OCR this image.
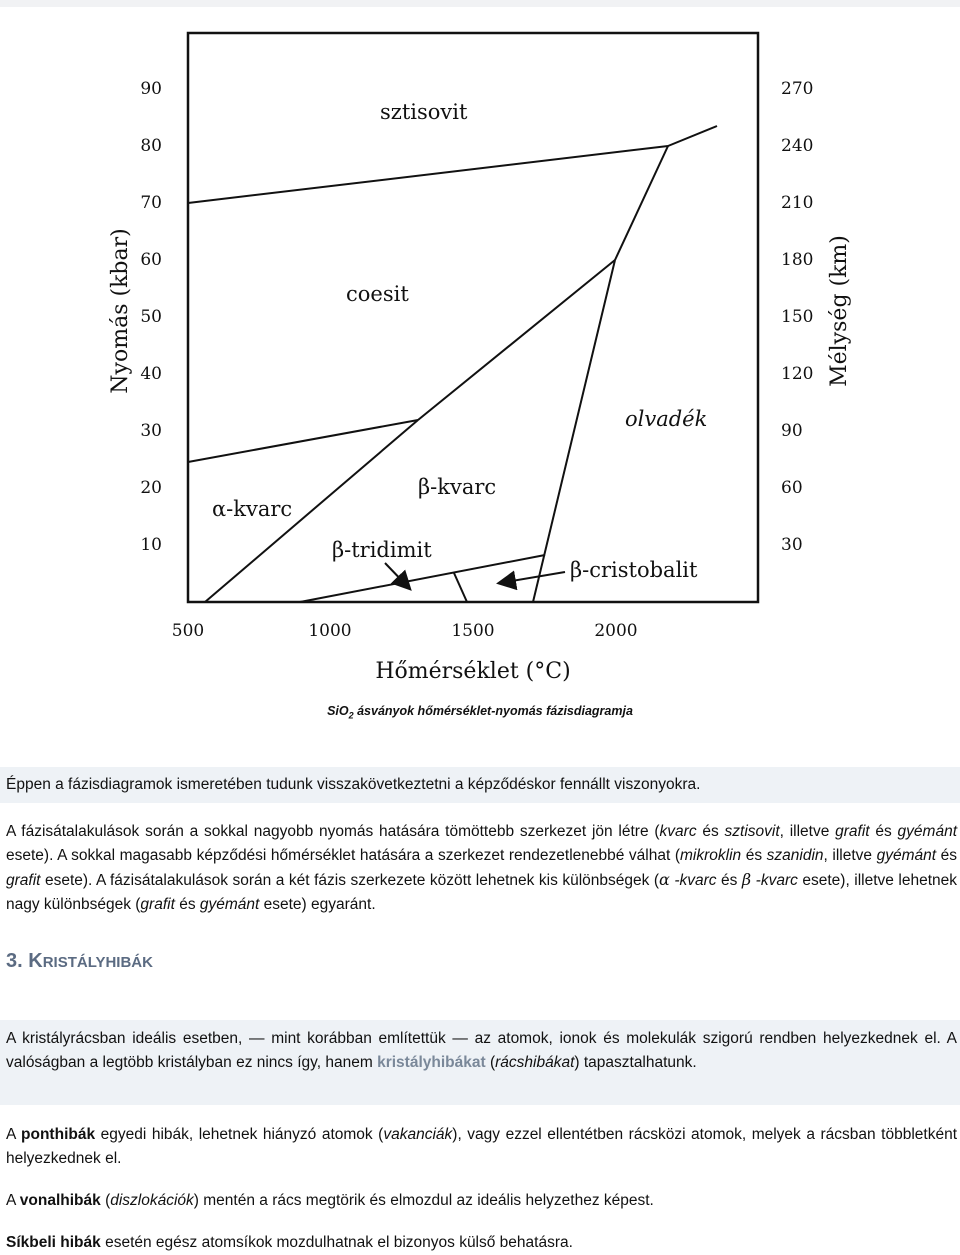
sztisovit
coesit
olvadék
α-kvarc
β-kvarc
β-tridimit
β-cristobalit
10
20
30
40
50
60
70
80
90
30
60
90
120
150
180
210
240
270
500	1000	1500	2000
Hőmérséklet (°C)
Nyomás (kbar)	Mélység (km)
SiO$_2$ ásványok hőmérséklet-nyomás fázisdiagramja
Éppen a fázisdiagramok ismeretében tudunk visszakövetkeztetni a képződéskor fennállt viszonyokra.
A fázisátalakulások során a sokkal nagyobb nyomás hatására tömöttebb szerkezet jön létre (kvarc és sztisovit, illetve grafit és gyémánt esete). A sokkal magasabb képződési hőmérséklet hatására a szerkezet rendezetlenebbé válhat (mikroklin és szanidin, illetve gyémánt és grafit esete). A fázisátalakulások során a két fázis szerkezete között lehetnek kis különbségek (α -kvarc és β -kvarc esete), illetve lehetnek nagy különbségek (grafit és gyémánt esete) egyaránt.
3. KRISTÁLYHIBÁK
A kristályrácsban ideális esetben, — mint korábban említettük — az atomok, ionok és molekulák szigorú rendben helyezkednek el. A valóságban a legtöbb kristályban ez nincs így, hanem kristályhibákat (rácshibákat) tapasztalhatunk.
A ponthibák egyedi hibák, lehetnek hiányzó atomok (vakanciák), vagy ezzel ellentétben rácsközi atomok, melyek a rácsban többletként helyezkednek el.
A vonalhibák (diszlokációk) mentén a rács megtörik és elmozdul az ideális helyzethez képest.
Síkbeli hibák esetén egész atomsíkok mozdulhatnak el bizonyos külső behatásra.
